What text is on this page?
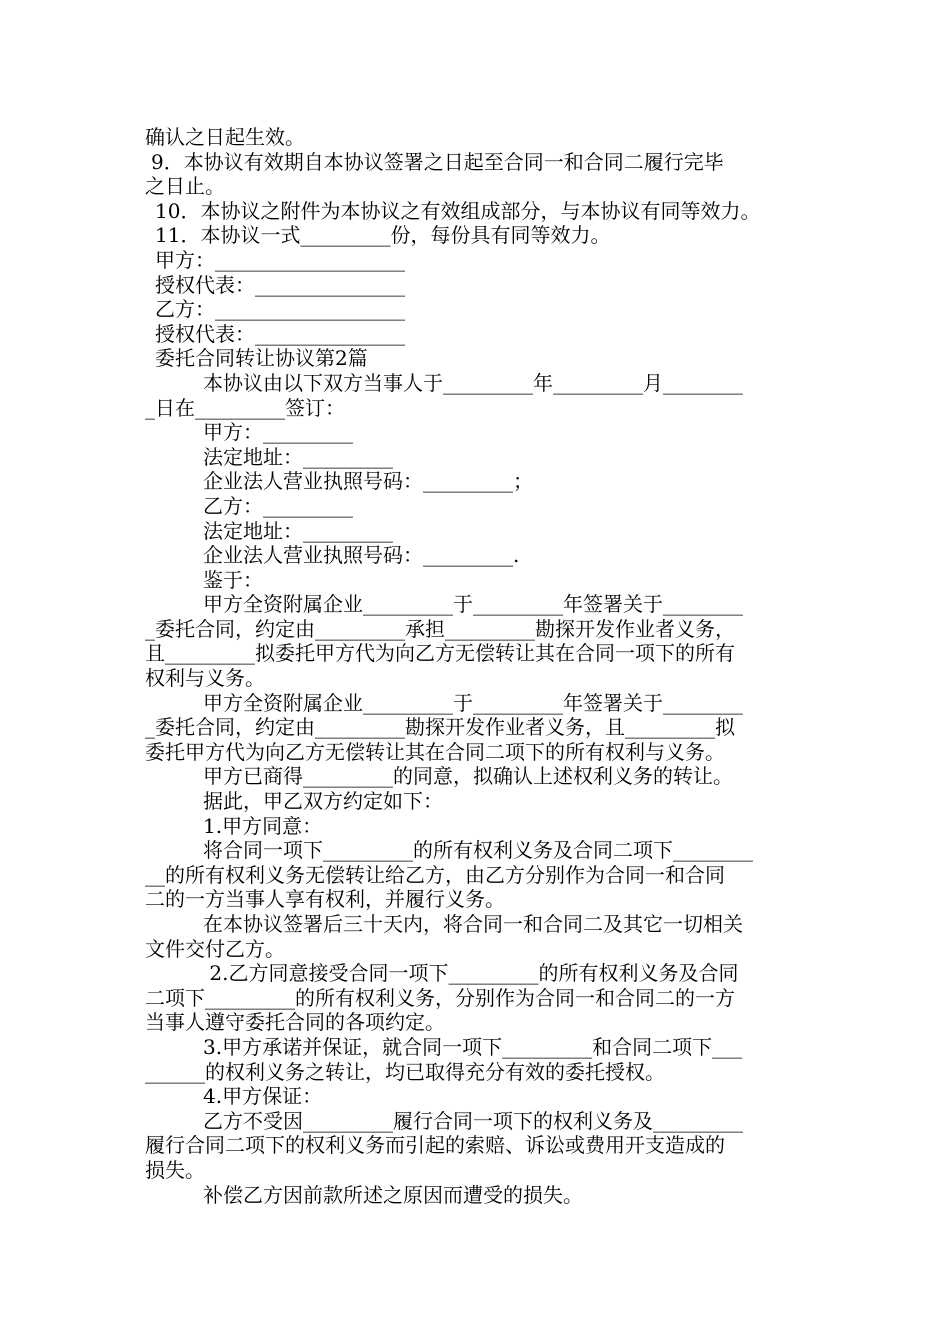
确认之日起生效。
9．本协议有效期自本协议签署之日起至合同一和合同二履行完毕
之日止。
10．本协议之附件为本协议之有效组成部分，与本协议有同等效力。
11．本协议一式_________份，每份具有同等效力。
甲方：___________________
授权代表：_______________
乙方：___________________
授权代表：_______________
委托合同转让协议第2篇
本协议由以下双方当事人于_________年_________月________
_日在_________签订：
甲方：_________
法定地址：_________
企业法人营业执照号码：_________；
乙方：_________
法定地址：_________
企业法人营业执照号码：_________.
鉴于：
甲方全资附属企业_________于_________年签署关于________
_委托合同，约定由_________承担_________勘探开发作业者义务，
且_________拟委托甲方代为向乙方无偿转让其在合同一项下的所有
权利与义务。
甲方全资附属企业_________于_________年签署关于________
_委托合同，约定由_________勘探开发作业者义务，且_________拟
委托甲方代为向乙方无偿转让其在合同二项下的所有权利与义务。
甲方已商得_________的同意，拟确认上述权利义务的转让。
据此，甲乙双方约定如下：
1.甲方同意：
将合同一项下_________的所有权利义务及合同二项下________
__的所有权利义务无偿转让给乙方，由乙方分别作为合同一和合同
二的一方当事人享有权利，并履行义务。
在本协议签署后三十天内，将合同一和合同二及其它一切相关
文件交付乙方。
2.乙方同意接受合同一项下_________的所有权利义务及合同
二项下_________的所有权利义务，分别作为合同一和合同二的一方
当事人遵守委托合同的各项约定。
3.甲方承诺并保证，就合同一项下_________和合同二项下___
______的权利义务之转让，均已取得充分有效的委托授权。
4.甲方保证：
乙方不受因_________履行合同一项下的权利义务及_________
履行合同二项下的权利义务而引起的索赔、诉讼或费用开支造成的
损失。
补偿乙方因前款所述之原因而遭受的损失。
